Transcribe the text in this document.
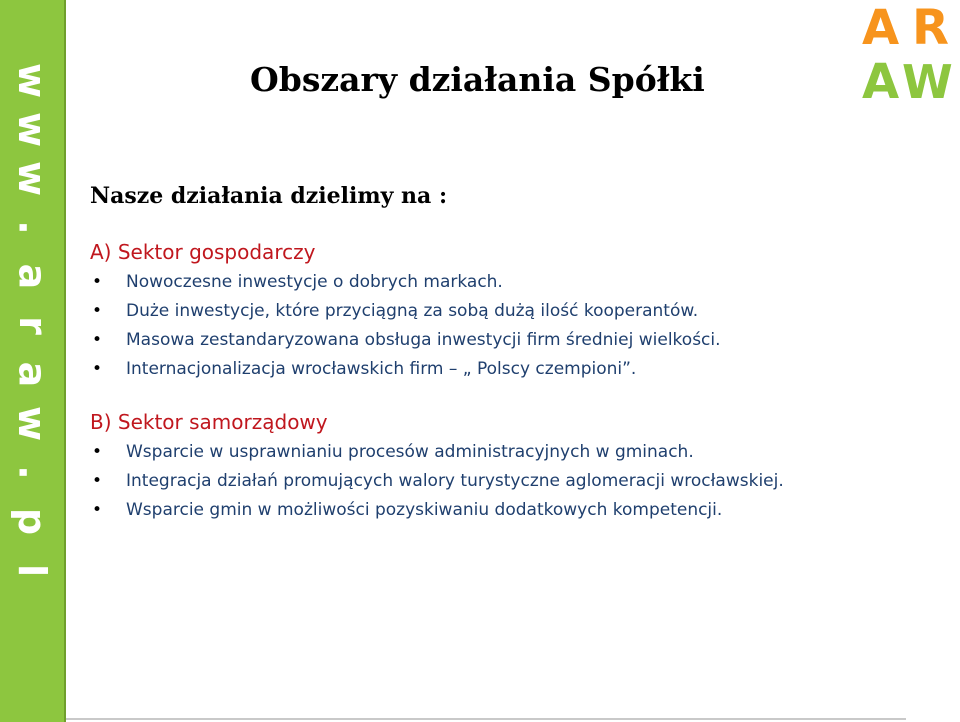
w
w
w
.
a
r
a
w
.
p
l
A R
A W
Obszary działania Spółki

Nasze działania dzielimy na :

A) Sektor gospodarczy
• Nowoczesne inwestycje o dobrych markach.
• Duże inwestycje, które przyciągną za sobą dużą ilość kooperantów.
• Masowa zestandaryzowana obsługa inwestycji firm średniej wielkości.
• Internacjonalizacja wrocławskich firm – „ Polscy czempioni”.
B) Sektor samorządowy
• Wsparcie w usprawnianiu procesów administracyjnych w gminach.
• Integracja działań promujących walory turystyczne aglomeracji wrocławskiej.
• Wsparcie gmin w możliwości pozyskiwaniu dodatkowych kompetencji.
